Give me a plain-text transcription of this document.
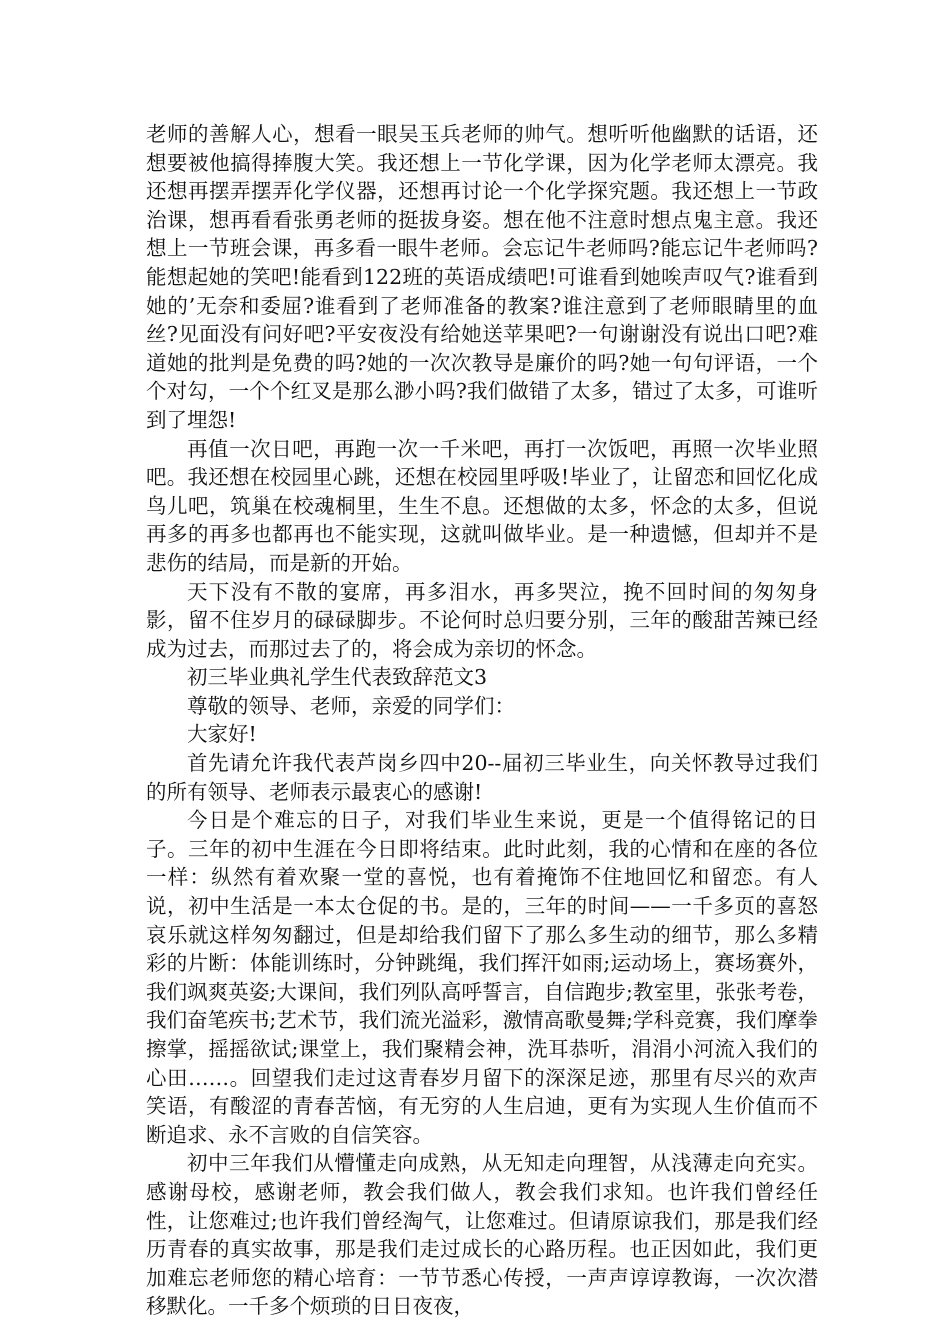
老师的善解人心，想看一眼吴玉兵老师的帅气。想听听他幽默的话语，还想要被他搞得捧腹大笑。我还想上一节化学课，因为化学老师太漂亮。我还想再摆弄摆弄化学仪器，还想再讨论一个化学探究题。我还想上一节政治课，想再看看张勇老师的挺拔身姿。想在他不注意时想点鬼主意。我还想上一节班会课，再多看一眼牛老师。会忘记牛老师吗?能忘记牛老师吗?能想起她的笑吧!能看到122班的英语成绩吧!可谁看到她唉声叹气?谁看到她的’无奈和委屈?谁看到了老师准备的教案?谁注意到了老师眼睛里的血丝?见面没有问好吧?平安夜没有给她送苹果吧?一句谢谢没有说出口吧?难道她的批判是免费的吗?她的一次次教导是廉价的吗?她一句句评语，一个个对勾，一个个红叉是那么渺小吗?我们做错了太多，错过了太多，可谁听到了埋怨!

再值一次日吧，再跑一次一千米吧，再打一次饭吧，再照一次毕业照吧。我还想在校园里心跳，还想在校园里呼吸!毕业了，让留恋和回忆化成鸟儿吧，筑巢在校魂桐里，生生不息。还想做的太多，怀念的太多，但说再多的再多也都再也不能实现，这就叫做毕业。是一种遗憾，但却并不是悲伤的结局，而是新的开始。

天下没有不散的宴席，再多泪水，再多哭泣，挽不回时间的匆匆身影，留不住岁月的碌碌脚步。不论何时总归要分别，三年的酸甜苦辣已经成为过去，而那过去了的，将会成为亲切的怀念。

初三毕业典礼学生代表致辞范文3

尊敬的领导、老师，亲爱的同学们：

大家好!

首先请允许我代表芦岗乡四中20--届初三毕业生，向关怀教导过我们的所有领导、老师表示最衷心的感谢!

今日是个难忘的日子，对我们毕业生来说，更是一个值得铭记的日子。三年的初中生涯在今日即将结束。此时此刻，我的心情和在座的各位一样：纵然有着欢聚一堂的喜悦，也有着掩饰不住地回忆和留恋。有人说，初中生活是一本太仓促的书。是的，三年的时间——一千多页的喜怒哀乐就这样匆匆翻过，但是却给我们留下了那么多生动的细节，那么多精彩的片断：体能训练时，分钟跳绳，我们挥汗如雨;运动场上，赛场赛外，我们飒爽英姿;大课间，我们列队高呼誓言，自信跑步;教室里，张张考卷，我们奋笔疾书;艺术节，我们流光溢彩，激情高歌曼舞;学科竞赛，我们摩拳擦掌，摇摇欲试;课堂上，我们聚精会神，洗耳恭听，涓涓小河流入我们的心田……。回望我们走过这青春岁月留下的深深足迹，那里有尽兴的欢声笑语，有酸涩的青春苦恼，有无穷的人生启迪，更有为实现人生价值而不断追求、永不言败的自信笑容。

初中三年我们从懵懂走向成熟，从无知走向理智，从浅薄走向充实。感谢母校，感谢老师，教会我们做人，教会我们求知。也许我们曾经任性，让您难过;也许我们曾经淘气，让您难过。但请原谅我们，那是我们经历青春的真实故事，那是我们走过成长的心路历程。也正因如此，我们更加难忘老师您的精心培育：一节节悉心传授，一声声谆谆教诲，一次次潜移默化。一千多个烦琐的日日夜夜，
